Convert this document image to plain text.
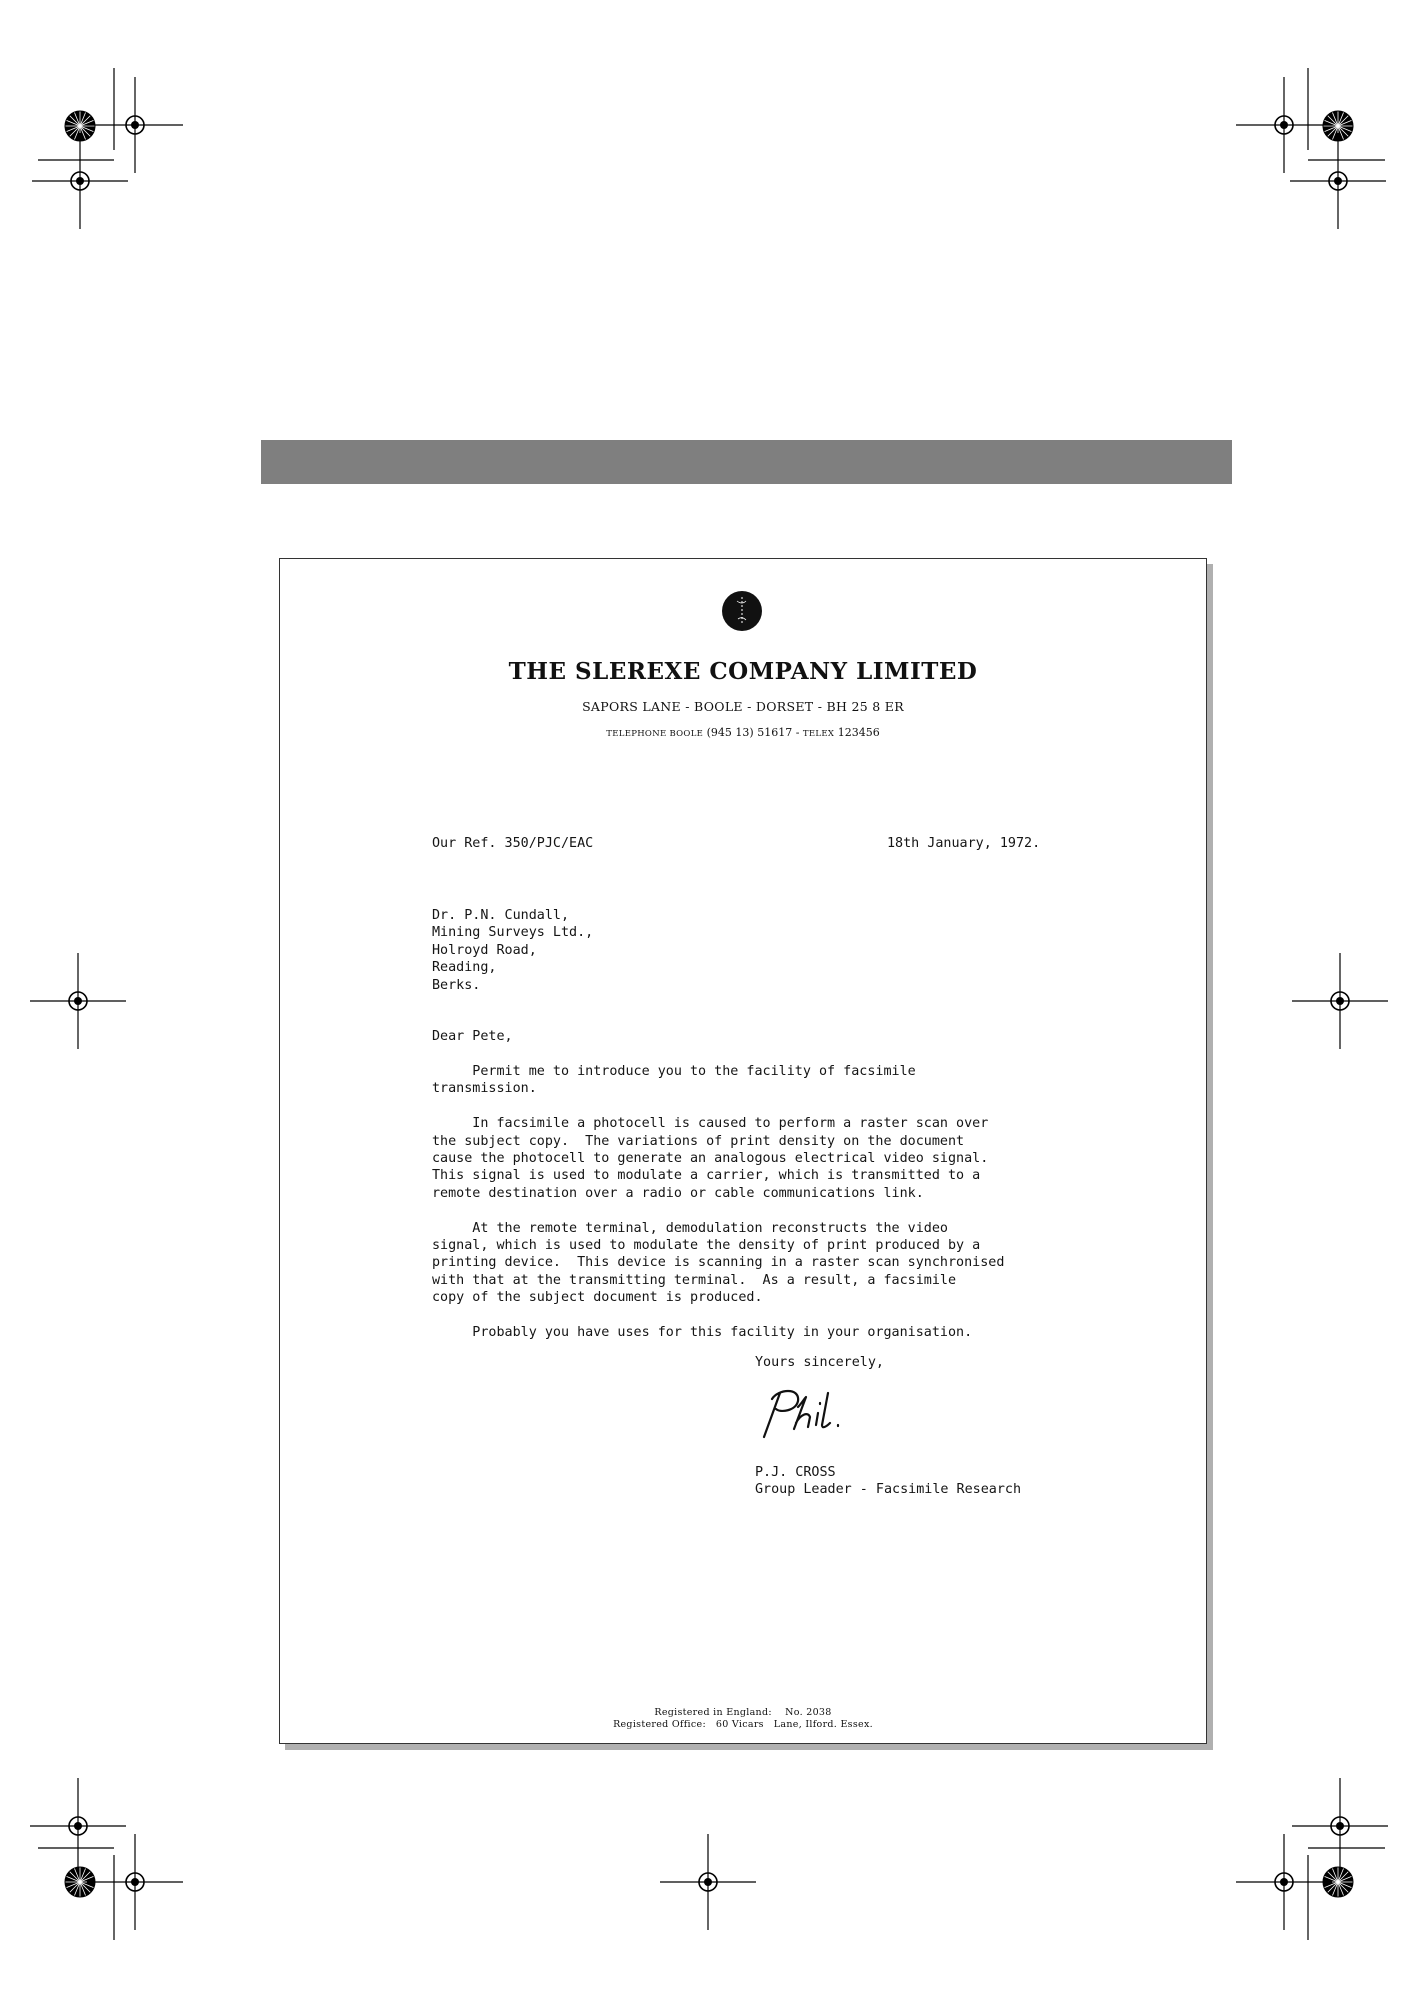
THE SLEREXE COMPANY LIMITED
SAPORS LANE - BOOLE - DORSET - BH 25 8 ER
TELEPHONE BOOLE (945 13) 51617 - TELEX 123456
Our Ref. 350/PJC/EAC	18th January, 1972.
Dr. P.N. Cundall,
Mining Surveys Ltd.,
Holroyd Road,
Reading,
Berks.
Dear Pete,
Permit me to introduce you to the facility of facsimile
transmission.

In facsimile a photocell is caused to perform a raster scan over
the subject copy.  The variations of print density on the document
cause the photocell to generate an analogous electrical video signal.
This signal is used to modulate a carrier, which is transmitted to a
remote destination over a radio or cable communications link.

At the remote terminal, demodulation reconstructs the video
signal, which is used to modulate the density of print produced by a
printing device.  This device is scanning in a raster scan synchronised
with that at the transmitting terminal.  As a result, a facsimile
copy of the subject document is produced.

Probably you have uses for this facility in your organisation.
Yours sincerely,
P.J. CROSS
Group Leader - Facsimile Research
Registered in England:    No. 2038
Registered Office:   60 Vicars   Lane, Ilford. Essex.
